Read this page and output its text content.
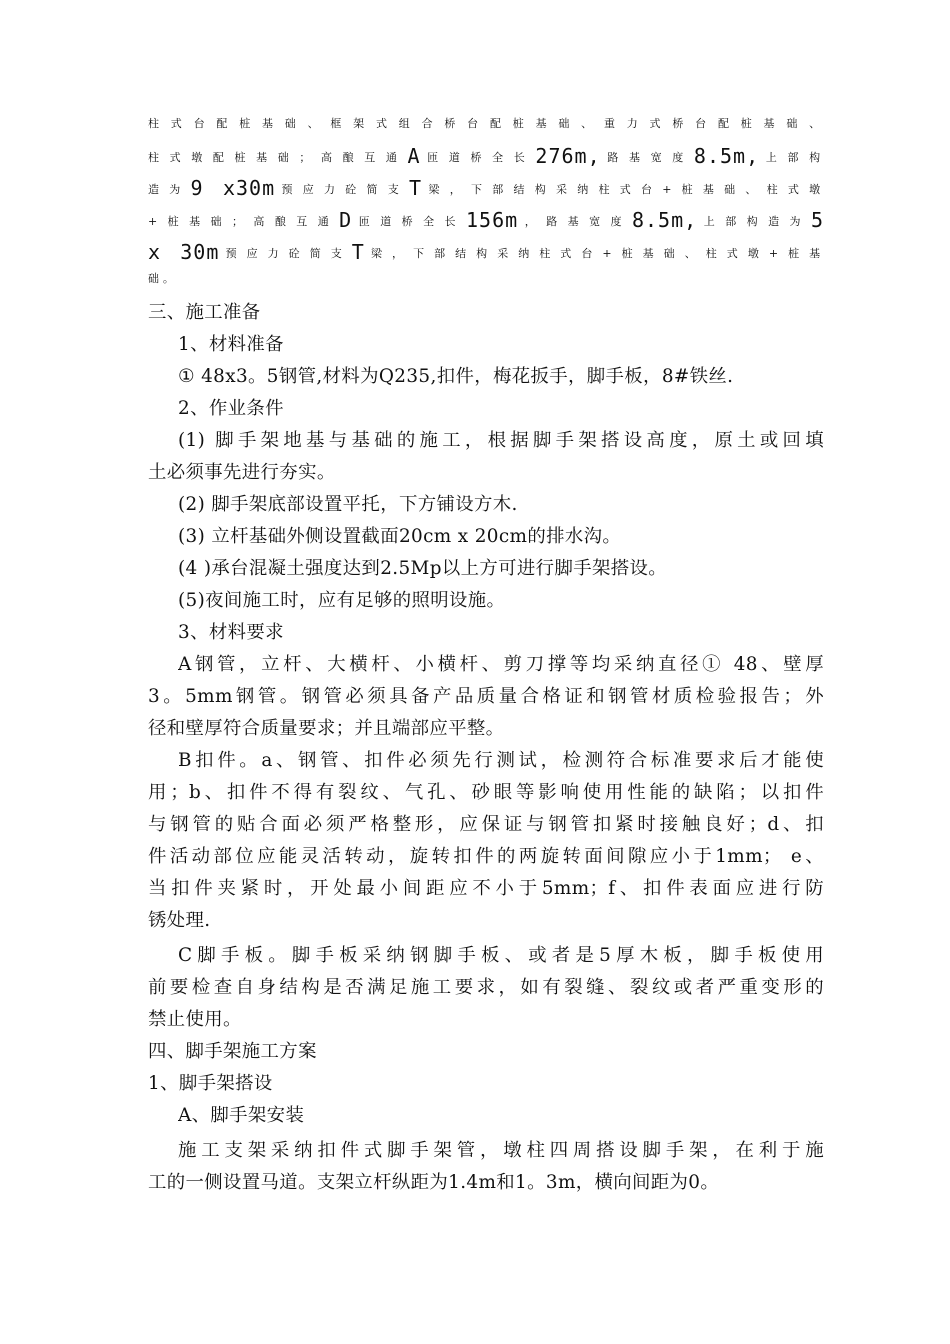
柱式台配桩基础、框架式组合桥台配桩基础、重力式桥台配桩基础、
柱式墩配桩基础；高酿互通A匝道桥全长276m,路基宽度8.5m,上部构
造为9 x30m预应力砼简支T梁，下部结构采纳柱式台+桩基础、柱式墩
+桩基础；高酿互通D匝道桥全长156m，路基宽度8.5m,上部构造为5
x 30m预应力砼简支T梁，下部结构采纳柱式台+桩基础、柱式墩+桩基
础。
三、施工准备
1、材料准备
① 48x3。5钢管,材料为Q235,扣件，梅花扳手，脚手板，8#铁丝.
2、作业条件
(1) 脚手架地基与基础的施工，根据脚手架搭设高度，原土或回填
土必须事先进行夯实。
(2) 脚手架底部设置平托，下方铺设方木.
(3) 立杆基础外侧设置截面20cm x 20cm的排水沟。
(4 )承台混凝土强度达到2.5Mp以上方可进行脚手架搭设。
(5)夜间施工时，应有足够的照明设施。
3、材料要求
A钢管，立杆、大横杆、小横杆、剪刀撑等均采纳直径① 48、壁厚
3。5mm钢管。钢管必须具备产品质量合格证和钢管材质检验报告；外
径和壁厚符合质量要求；并且端部应平整。
B扣件。a、钢管、扣件必须先行测试，检测符合标准要求后才能使
用；b、扣件不得有裂纹、气孔、砂眼等影响使用性能的缺陷；以扣件
与钢管的贴合面必须严格整形，应保证与钢管扣紧时接触良好；d、扣
件活动部位应能灵活转动，旋转扣件的两旋转面间隙应小于1mm； e、
当扣件夹紧时，开处最小间距应不小于5mm；f、扣件表面应进行防
锈处理.
C脚手板。脚手板采纳钢脚手板、或者是5厚木板，脚手板使用
前要检查自身结构是否满足施工要求，如有裂缝、裂纹或者严重变形的
禁止使用。
四、脚手架施工方案
1、脚手架搭设
A、脚手架安装
施工支架采纳扣件式脚手架管，墩柱四周搭设脚手架，在利于施
工的一侧设置马道。支架立杆纵距为1.4m和1。3m，横向间距为0。
